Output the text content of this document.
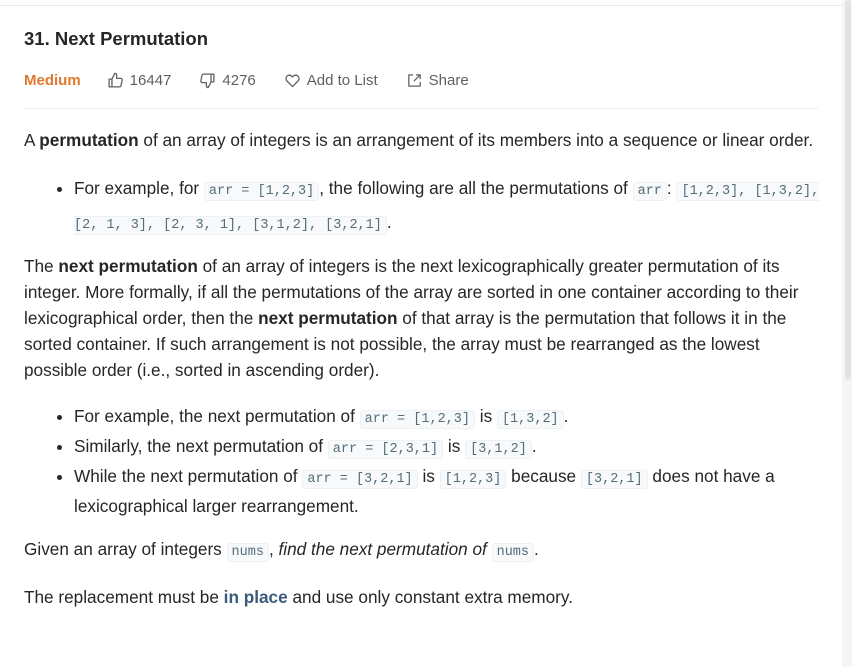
31. Next Permutation
Medium	16447	4276	Add to List	Share

A permutation of an array of integers is an arrangement of its members into a sequence or linear order.

• For example, for arr = [1,2,3] , the following are all the permutations of arr : [1,2,3], [1,3,2], [2, 1, 3], [2, 3, 1], [3,1,2], [3,2,1] .

The next permutation of an array of integers is the next lexicographically greater permutation of its integer. More formally, if all the permutations of the array are sorted in one container according to their lexicographical order, then the next permutation of that array is the permutation that follows it in the sorted container. If such arrangement is not possible, the array must be rearranged as the lowest possible order (i.e., sorted in ascending order).

• For example, the next permutation of arr = [1,2,3] is [1,3,2] .
• Similarly, the next permutation of arr = [2,3,1] is [3,1,2] .
• While the next permutation of arr = [3,2,1] is [1,2,3] because [3,2,1] does not have a lexicographical larger rearrangement.

Given an array of integers nums , find the next permutation of nums .

The replacement must be in place and use only constant extra memory.
